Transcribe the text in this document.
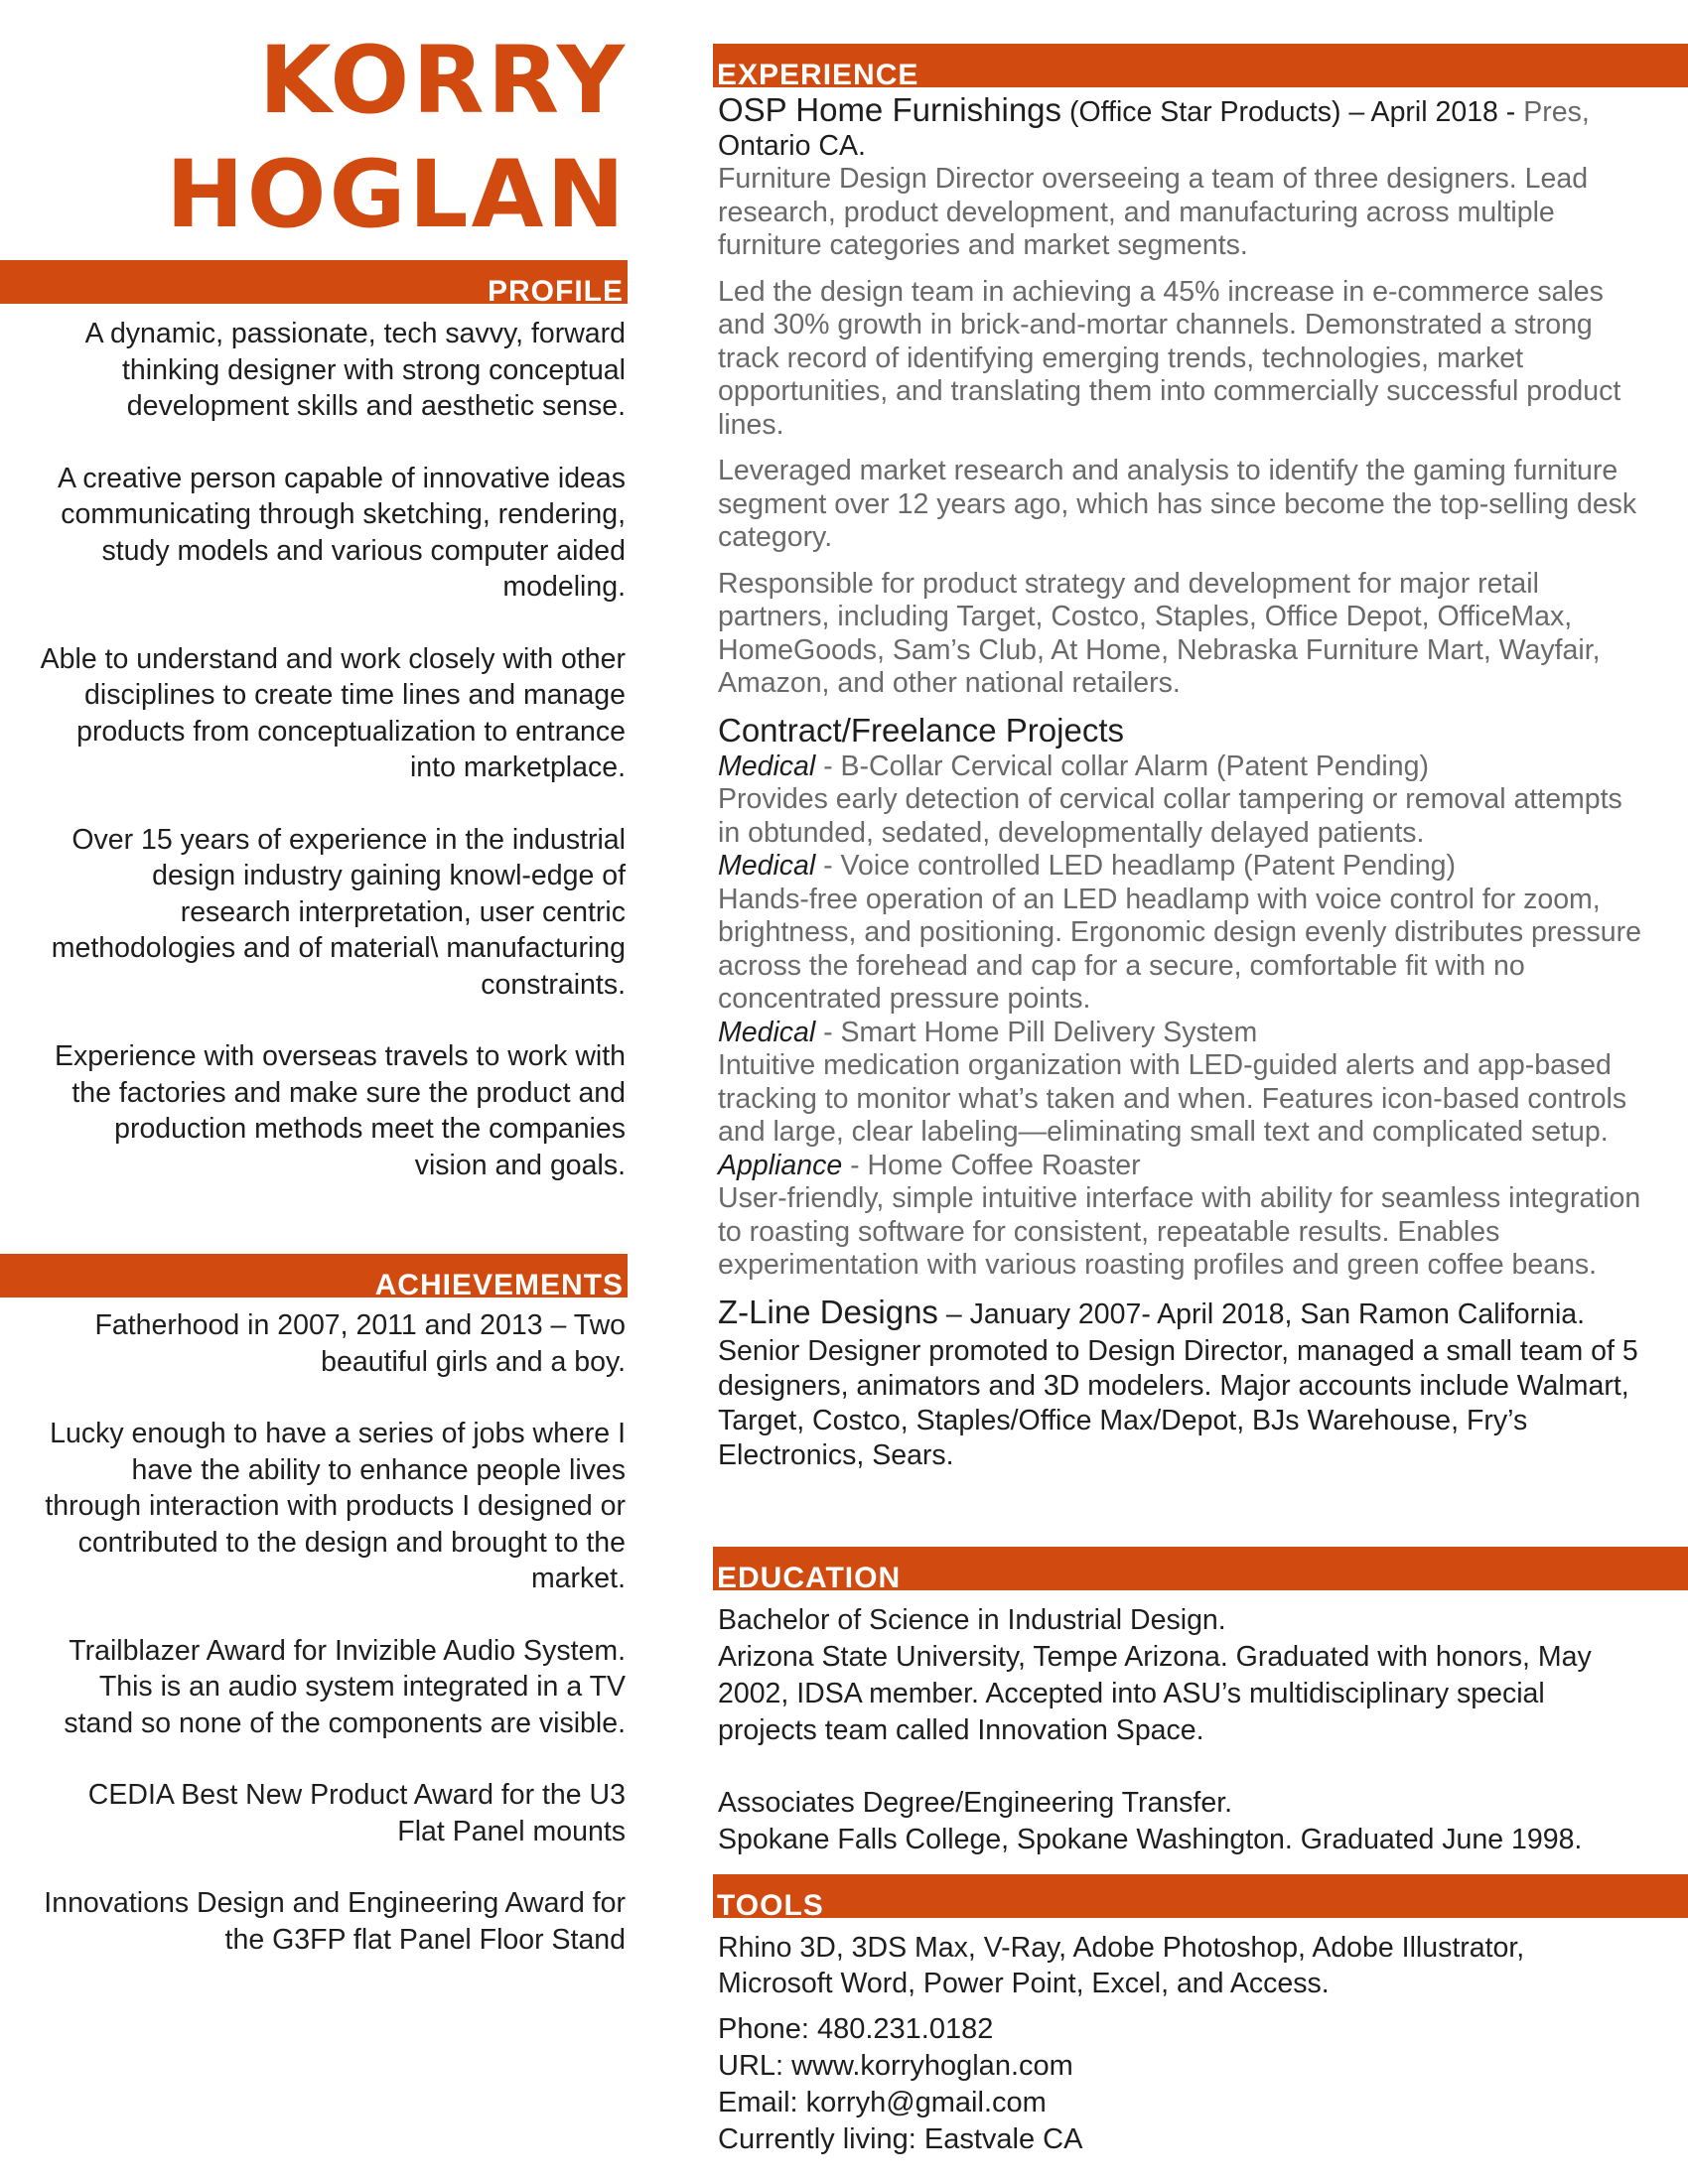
KORRY
HOGLAN
PROFILE
ACHIEVEMENTS

A dynamic, passionate, tech savvy, forward thinking designer with strong conceptual development skills and aesthetic sense.

A creative person capable of innovative ideas communicating through sketching, rendering, study models and various computer aided modeling.

Able to understand and work closely with other disciplines to create time lines and manage products from conceptualization to entrance into marketplace.

Over 15 years of experience in the industrial design industry gaining knowl-edge of research interpretation, user centric methodologies and of material\ manufacturing constraints.

Experience with overseas travels to work with the factories and make sure the product and production methods meet the companies vision and goals.

Fatherhood in 2007, 2011 and 2013 – Two beautiful girls and a boy.

Lucky enough to have a series of jobs where I have the ability to enhance people lives through interaction with products I designed or contributed to the design and brought to the market.

Trailblazer Award for Invizible Audio System. This is an audio system integrated in a TV stand so none of the components are visible.

CEDIA Best New Product Award for the U3 Flat Panel mounts

Innovations Design and Engineering Award for the G3FP flat Panel Floor Stand

EXPERIENCE
EDUCATION
TOOLS

OSP Home Furnishings (Office Star Products) – April 2018 - Pres,

Ontario CA.

Furniture Design Director overseeing a team of three designers. Lead research, product development, and manufacturing across multiple furniture categories and market segments.

Led the design team in achieving a 45% increase in e-commerce sales and 30% growth in brick-and-mortar channels. Demonstrated a strong track record of identifying emerging trends, technologies, market opportunities, and translating them into commercially successful product lines.

Leveraged market research and analysis to identify the gaming furniture segment over 12 years ago, which has since become the top-selling desk category.

Responsible for product strategy and development for major retail partners, including Target, Costco, Staples, Office Depot, OfficeMax, HomeGoods, Sam’s Club, At Home, Nebraska Furniture Mart, Wayfair, Amazon, and other national retailers.

Contract/Freelance Projects

Medical - B-Collar Cervical collar Alarm (Patent Pending)

Provides early detection of cervical collar tampering or removal attempts in obtunded, sedated, developmentally delayed patients.

Medical - Voice controlled LED headlamp (Patent Pending)

Hands-free operation of an LED headlamp with voice control for zoom, brightness, and positioning. Ergonomic design evenly distributes pressure across the forehead and cap for a secure, comfortable fit with no concentrated pressure points.

Medical - Smart Home Pill Delivery System

Intuitive medication organization with LED-guided alerts and app-based tracking to monitor what’s taken and when. Features icon-based controls and large, clear labeling—eliminating small text and complicated setup.

Appliance - Home Coffee Roaster

User-friendly, simple intuitive interface with ability for seamless integration to roasting software for consistent, repeatable results. Enables experimentation with various roasting profiles and green coffee beans.

Z-Line Designs – January 2007- April 2018, San Ramon California.

Senior Designer promoted to Design Director, managed a small team of 5 designers, animators and 3D modelers. Major accounts include Walmart, Target, Costco, Staples/Office Max/Depot, BJs Warehouse, Fry’s Electronics, Sears.

Bachelor of Science in Industrial Design.

Arizona State University, Tempe Arizona. Graduated with honors, May 2002, IDSA member. Accepted into ASU’s multidisciplinary special projects team called Innovation Space.

Associates Degree/Engineering Transfer.

Spokane Falls College, Spokane Washington. Graduated June 1998.

Rhino 3D, 3DS Max, V-Ray, Adobe Photoshop, Adobe Illustrator, Microsoft Word, Power Point, Excel, and Access.

Phone: 480.231.0182

URL: www.korryhoglan.com

Email: korryh@gmail.com

Currently living: Eastvale CA
